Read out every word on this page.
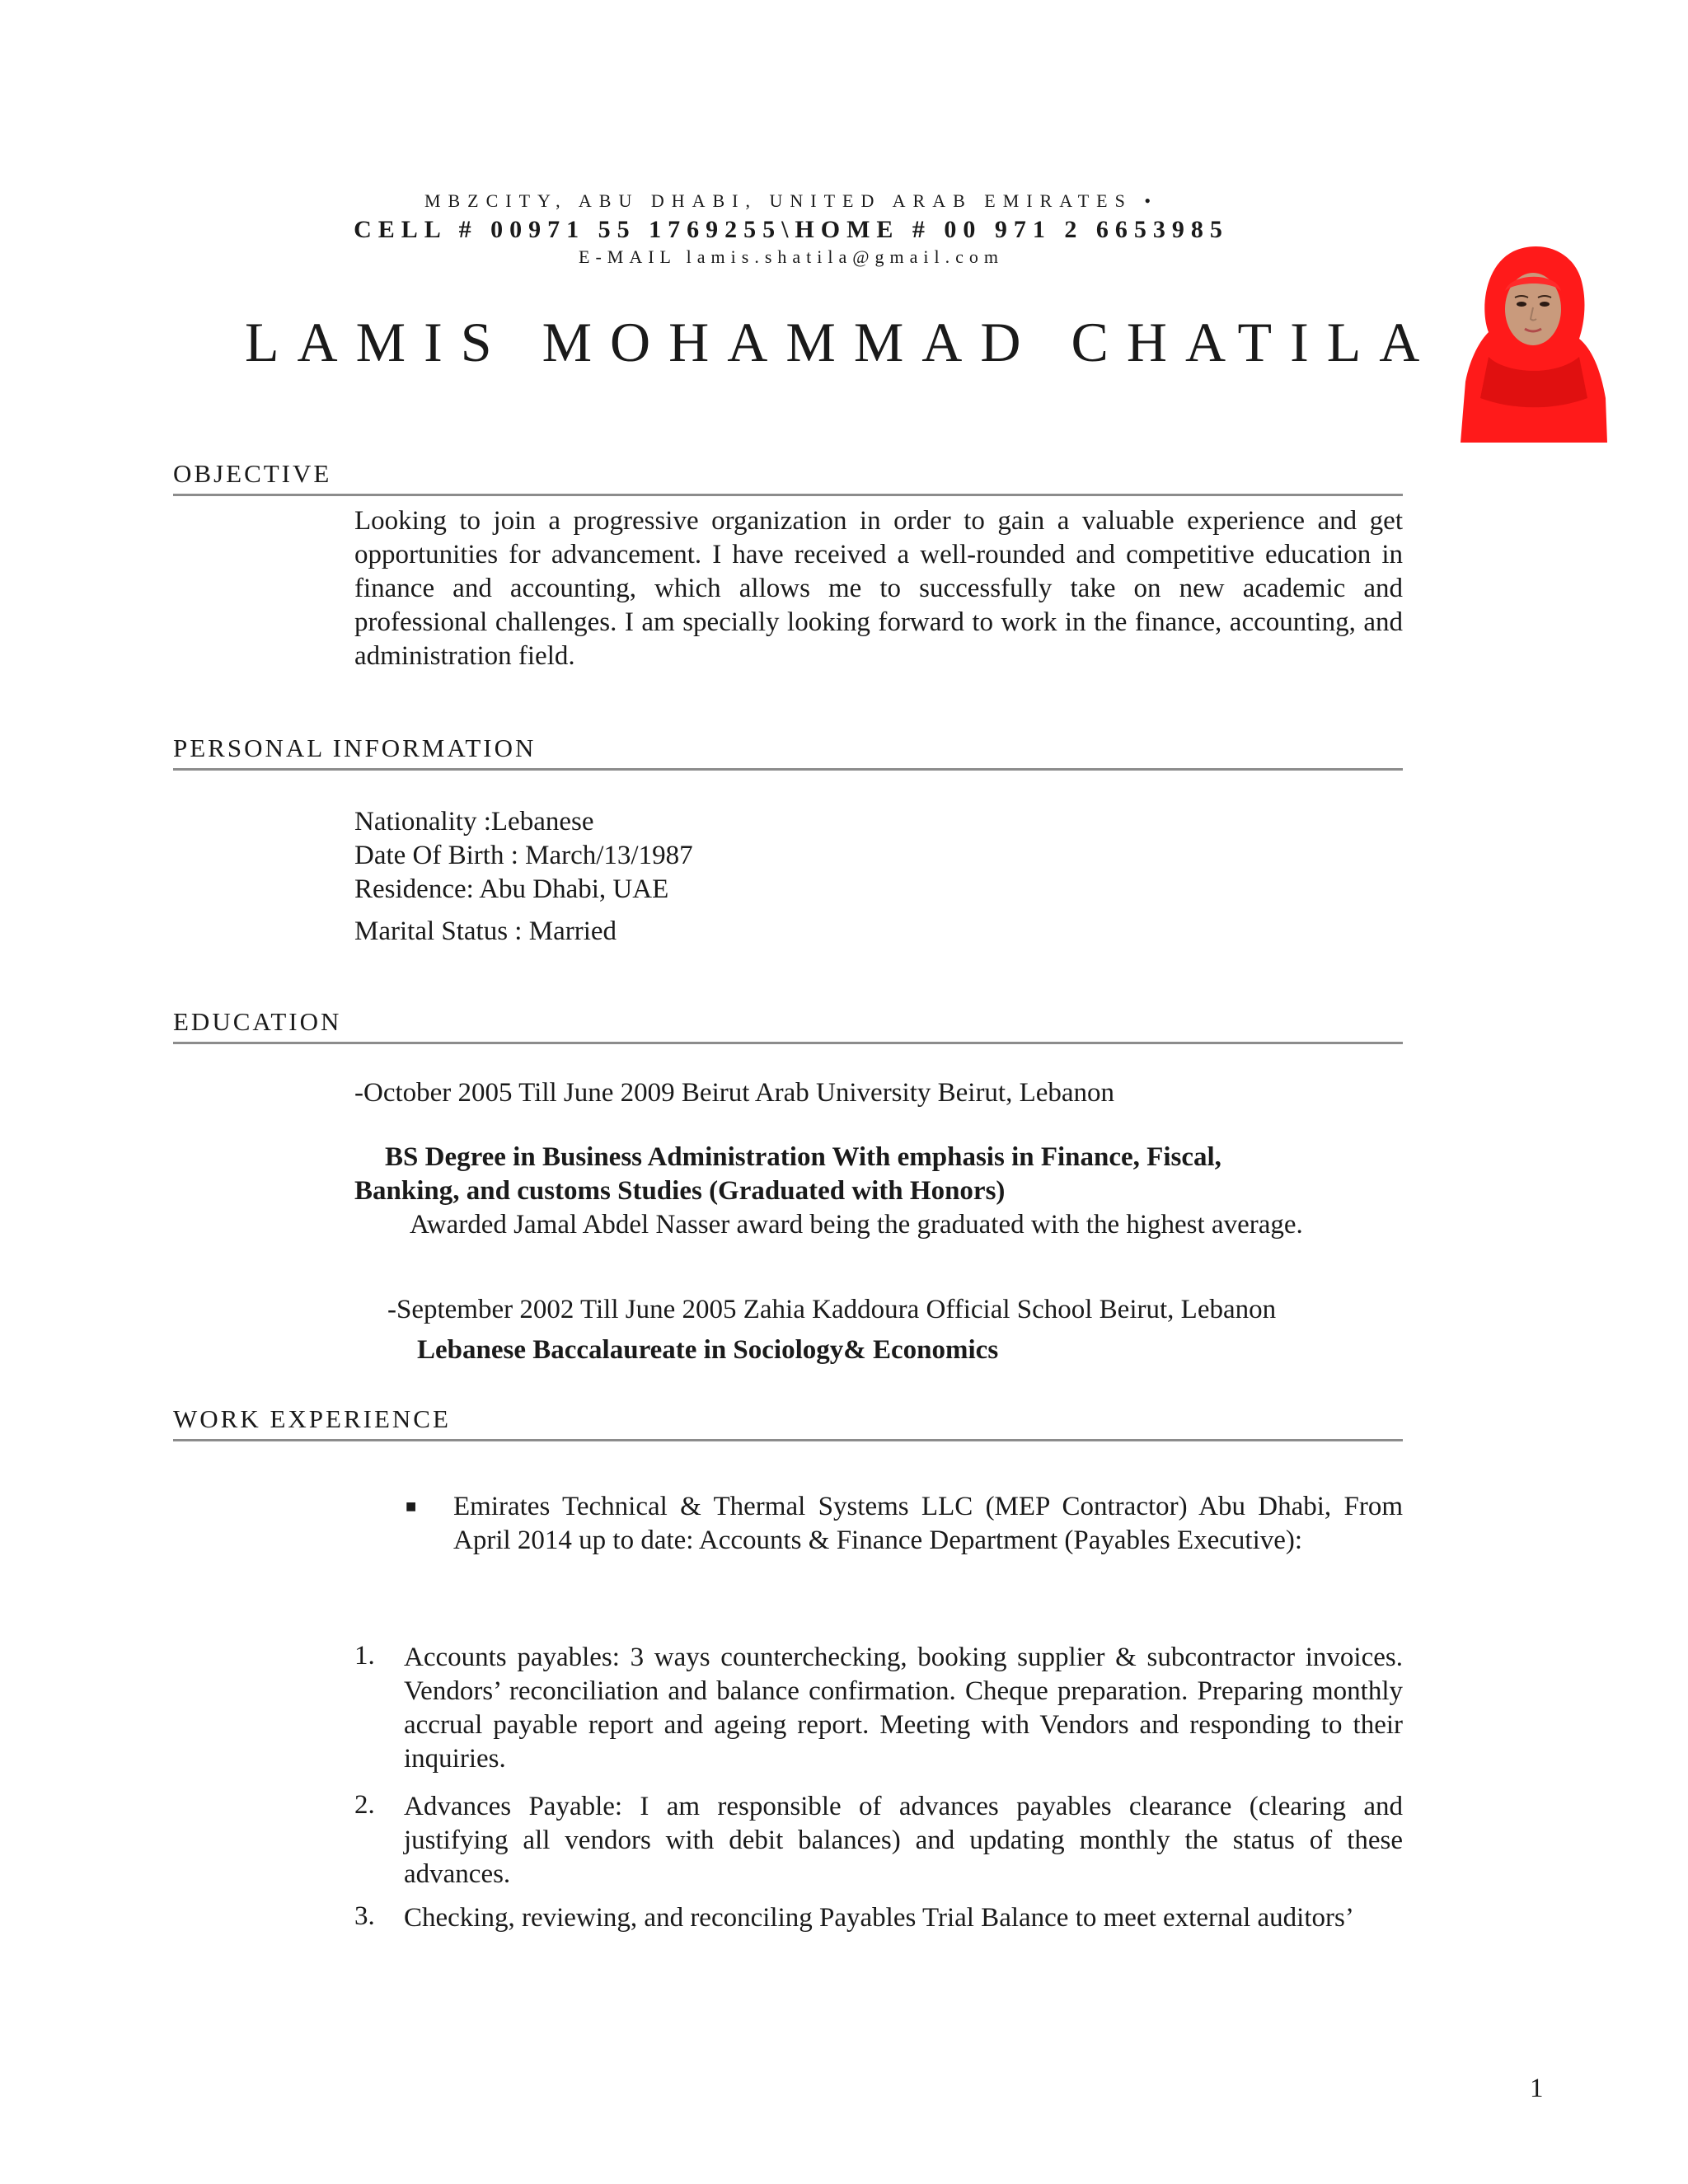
MBZCITY, ABU DHABI, UNITED ARAB EMIRATES •
CELL # 00971 55 1769255\HOME # 00 971 2 6653985
E-MAIL lamis.shatila@gmail.com
LAMIS MOHAMMAD CHATILA
OBJECTIVE
Looking to join a progressive organization in order to gain a valuable experience and get opportunities for advancement. I have received a well-rounded and competitive education in finance and accounting, which allows me to successfully take on new academic and professional challenges. I am specially looking forward to work in the finance, accounting, and administration field.
PERSONAL INFORMATION
Nationality :Lebanese
Date Of Birth : March/13/1987
Residence: Abu Dhabi, UAE
Marital Status : Married
EDUCATION
-October 2005 Till June 2009 Beirut Arab University Beirut, Lebanon
BS Degree in Business Administration With emphasis in Finance, Fiscal,
Banking, and customs Studies (Graduated with Honors)
Awarded Jamal Abdel Nasser award being the graduated with the highest average.
-September 2002 Till June 2005 Zahia Kaddoura Official School Beirut, Lebanon
Lebanese Baccalaureate in Sociology& Economics
WORK EXPERIENCE
■ Emirates Technical & Thermal Systems LLC (MEP Contractor) Abu Dhabi, From April 2014 up to date: Accounts & Finance Department (Payables Executive):
1. Accounts payables: 3 ways counterchecking, booking supplier & subcontractor invoices. Vendors’ reconciliation and balance confirmation. Cheque preparation. Preparing monthly accrual payable report and ageing report. Meeting with Vendors and responding to their inquiries.
2. Advances Payable: I am responsible of advances payables clearance (clearing and justifying all vendors with debit balances) and updating monthly the status of these advances.
3. Checking, reviewing, and reconciling Payables Trial Balance to meet external auditors’
1
